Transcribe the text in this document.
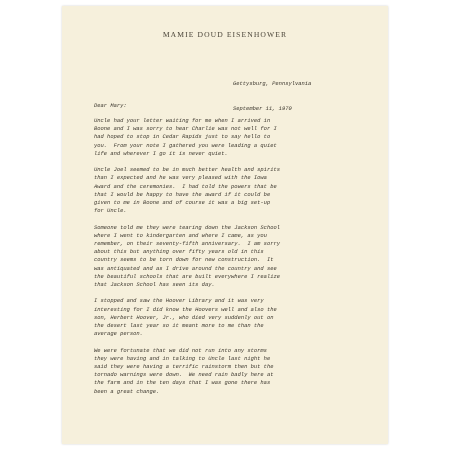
MAMIE DOUD EISENHOWER

Gettysburg, Pennsylvania

September 11, 1970

Dear Mary:
Uncle had your letter waiting for me when I arrived in
Boone and I was sorry to hear Charlie was not well for I
had hoped to stop in Cedar Rapids just to say hello to
you.  From your note I gathered you were leading a quiet
life and wherever I go it is never quiet.
Uncle Joel seemed to be in much better health and spirits
than I expected and he was very pleased with the Iowa
Award and the ceremonies.  I had told the powers that be
that I would be happy to have the award if it could be
given to me in Boone and of course it was a big set-up
for Uncle.
Someone told me they were tearing down the Jackson School
where I went to kindergarten and where I came, as you
remember, on their seventy-fifth anniversary.  I am sorry
about this but anything over fifty years old in this
country seems to be torn down for new construction.  It
was antiquated and as I drive around the country and see
the beautiful schools that are built everywhere I realize
that Jackson School has seen its day.
I stopped and saw the Hoover Library and it was very
interesting for I did know the Hoovers well and also the
son, Herbert Hoover, Jr., who died very suddenly out on
the desert last year so it meant more to me than the
average person.
We were fortunate that we did not run into any storms
they were having and in talking to Uncle last night he
said they were having a terrific rainstorm then but the
tornado warnings were down.  We need rain badly here at
the farm and in the ten days that I was gone there has
been a great change.
